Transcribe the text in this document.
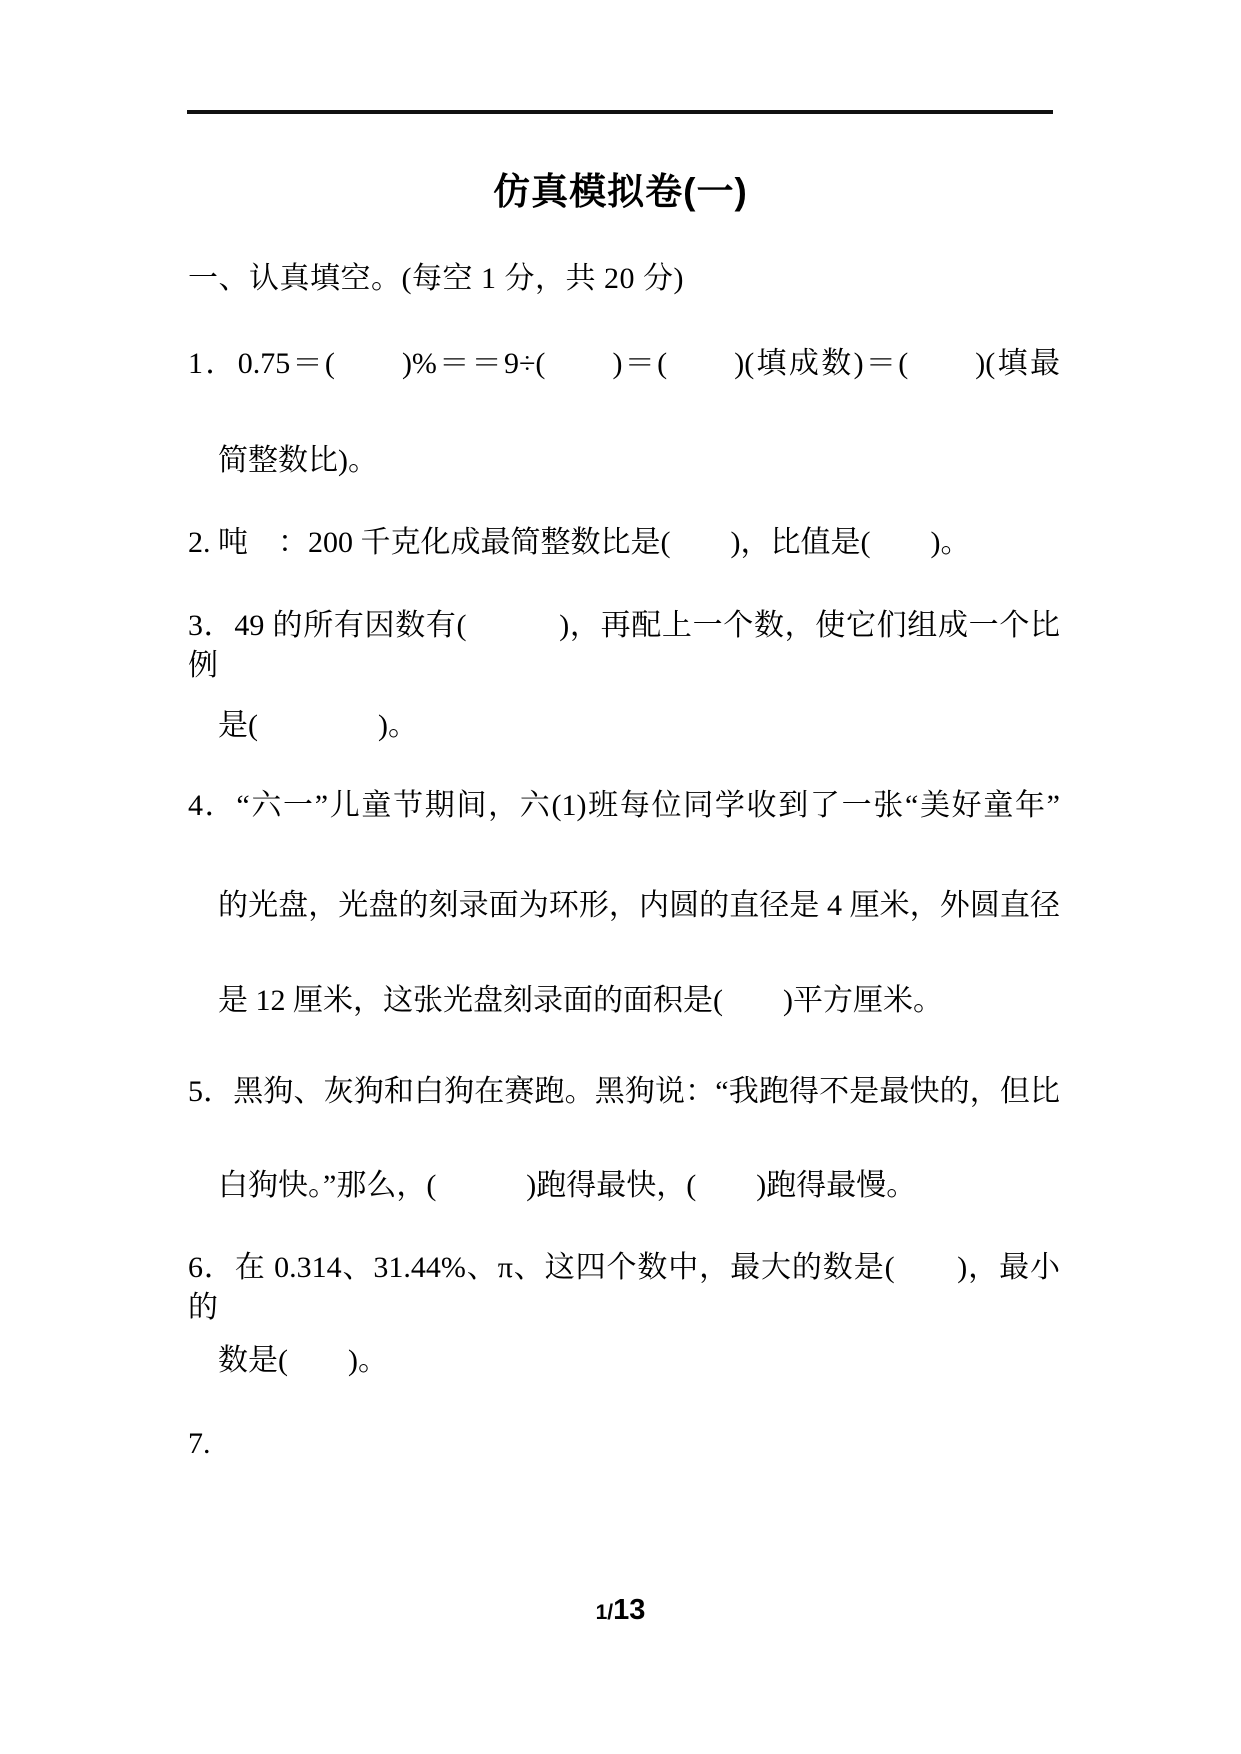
仿真模拟卷(一)
一、认真填空。(每空 1 分，共 20 分)
1．0.75＝(　　)%＝＝9÷(　　)＝(　　)(填成数)＝(　　)(填最
简整数比)。
2. 吨　：200 千克化成最简整数比是(　　)，比值是(　　)。
3．49 的所有因数有(　　　)，再配上一个数，使它们组成一个比例
是(　　　　)。
4．“六一”儿童节期间，六(1)班每位同学收到了一张“美好童年”
的光盘，光盘的刻录面为环形，内圆的直径是 4 厘米，外圆直径
是 12 厘米，这张光盘刻录面的面积是(　　)平方厘米。
5．黑狗、灰狗和白狗在赛跑。黑狗说：“我跑得不是最快的，但比
白狗快。”那么，(　　　)跑得最快，(　　)跑得最慢。
6．在 0.314、31.44%、π、这四个数中，最大的数是(　　)，最小的
数是(　　)。
7.
1/13
